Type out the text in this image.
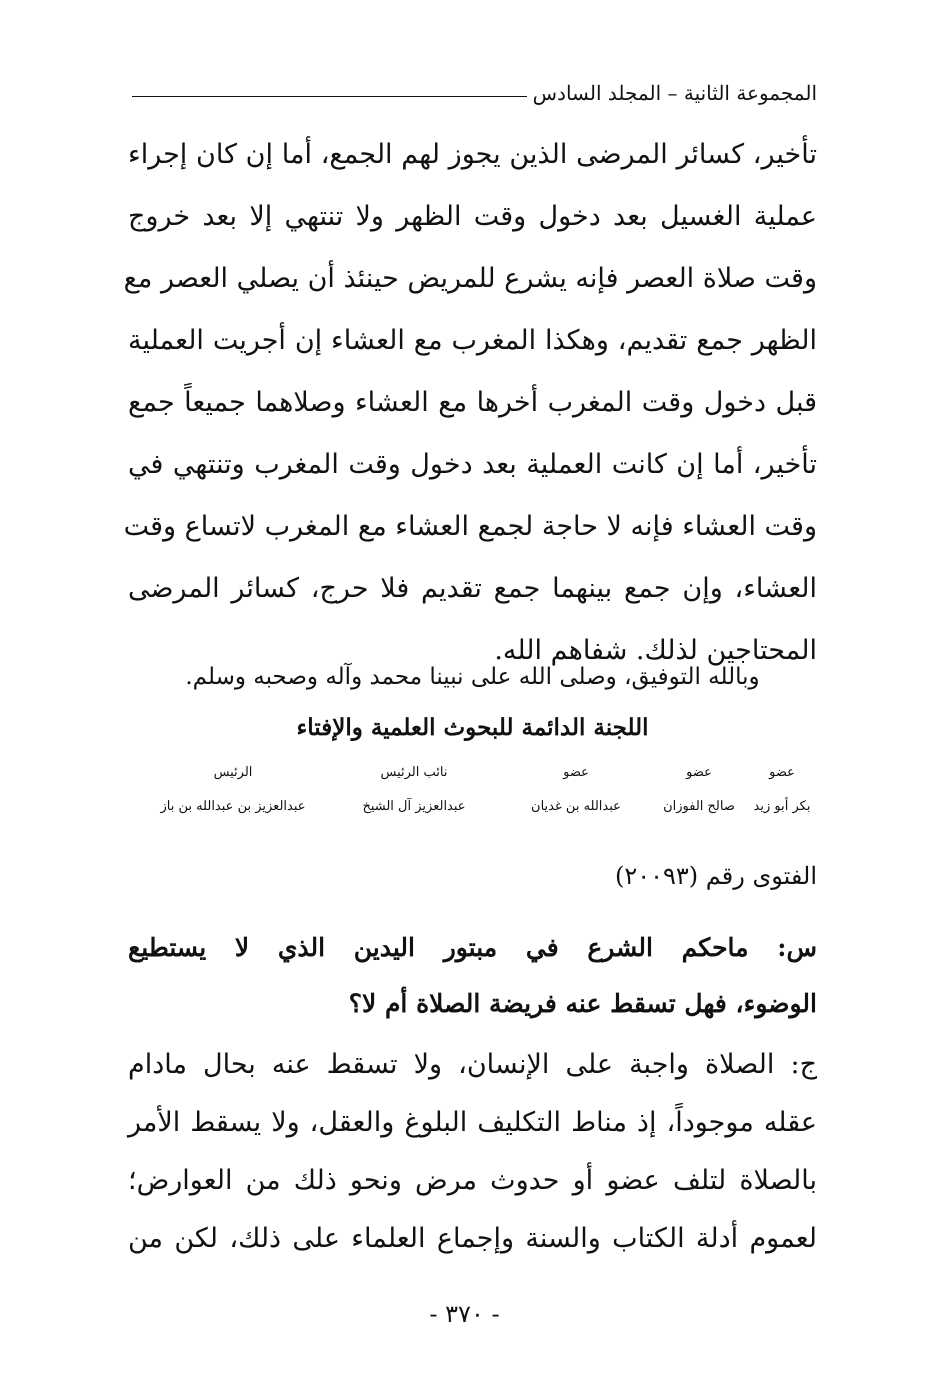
المجموعة الثانية – المجلد السادس
تأخير، كسائر المرضى الذين يجوز لهم الجمع، أما إن كان إجراء
عملية الغسيل بعد دخول وقت الظهر ولا تنتهي إلا بعد خروج
وقت صلاة العصر فإنه يشرع للمريض حينئذ أن يصلي العصر مع
الظهر جمع تقديم، وهكذا المغرب مع العشاء إن أجريت العملية
قبل دخول وقت المغرب أخرها مع العشاء وصلاهما جميعاً جمع
تأخير، أما إن كانت العملية بعد دخول وقت المغرب وتنتهي في
وقت العشاء فإنه لا حاجة لجمع العشاء مع المغرب لاتساع وقت
العشاء، وإن جمع بينهما جمع تقديم فلا حرج، كسائر المرضى
المحتاجين لذلك. شفاهم الله.
وبالله التوفيق، وصلى الله على نبينا محمد وآله وصحبه وسلم.
اللجنة الدائمة للبحوث العلمية والإفتاء
عضو
بكر أبو زيد
عضو
صالح الفوزان
عضو
عبدالله بن غديان
نائب الرئيس
عبدالعزيز آل الشيخ
الرئيس
عبدالعزيز بن عبدالله بن باز
الفتوى رقم (٢٠٠٩٣)
س: ماحكم الشرع في مبتور اليدين الذي لا يستطيع
الوضوء، فهل تسقط عنه فريضة الصلاة أم لا؟
ج: الصلاة واجبة على الإنسان، ولا تسقط عنه بحال مادام
عقله موجوداً، إذ مناط التكليف البلوغ والعقل، ولا يسقط الأمر
بالصلاة لتلف عضو أو حدوث مرض ونحو ذلك من العوارض؛
لعموم أدلة الكتاب والسنة وإجماع العلماء على ذلك، لكن من
- ٣٧٠ -
